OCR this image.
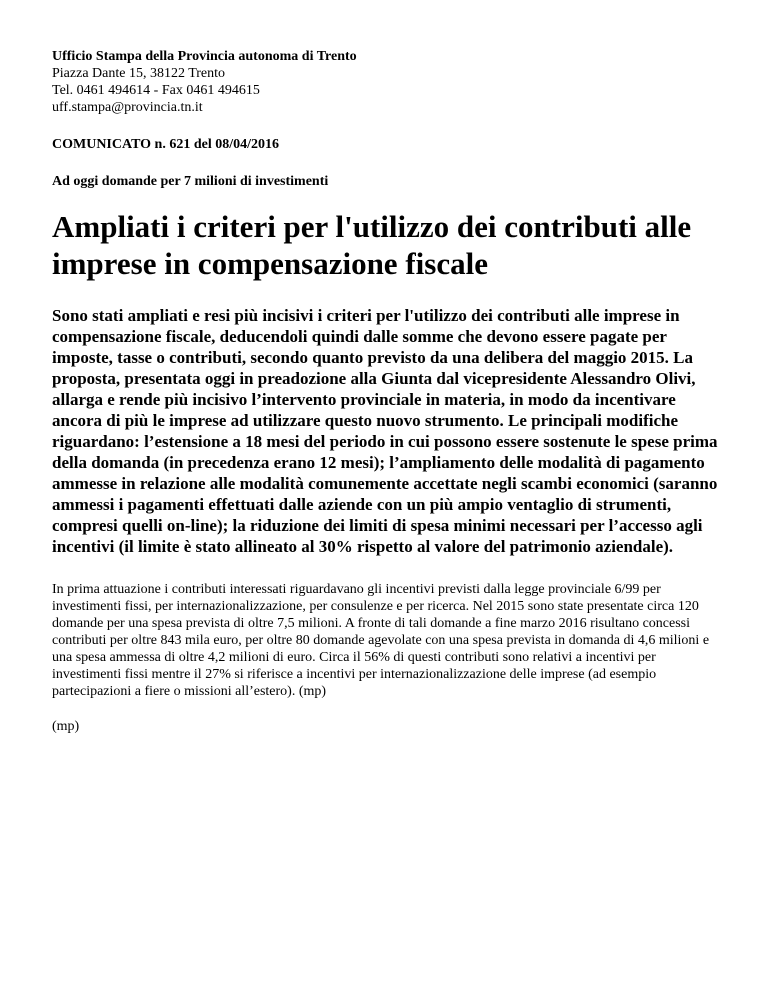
Ufficio Stampa della Provincia autonoma di Trento
Piazza Dante 15, 38122 Trento
Tel. 0461 494614 - Fax 0461 494615
uff.stampa@provincia.tn.it
COMUNICATO n. 621 del 08/04/2016
Ad oggi domande per 7 milioni di investimenti
Ampliati i criteri per l'utilizzo dei contributi alle imprese in compensazione fiscale
Sono stati ampliati e resi più incisivi i criteri per l'utilizzo dei contributi alle imprese in compensazione fiscale, deducendoli quindi dalle somme che devono essere pagate per imposte, tasse o contributi, secondo quanto previsto da una delibera del maggio 2015. La proposta, presentata oggi in preadozione alla Giunta dal vicepresidente Alessandro Olivi, allarga e rende più incisivo l’intervento provinciale in materia, in modo da incentivare ancora di più le imprese ad utilizzare questo nuovo strumento. Le principali modifiche riguardano: l’estensione a 18 mesi del periodo in cui possono essere sostenute le spese prima della domanda (in precedenza erano 12 mesi); l’ampliamento delle modalità di pagamento ammesse in relazione alle modalità comunemente accettate negli scambi economici (saranno ammessi i pagamenti effettuati dalle aziende con un più ampio ventaglio di strumenti, compresi quelli on-line); la riduzione dei limiti di spesa minimi necessari per l’accesso agli incentivi (il limite è stato allineato al 30% rispetto al valore del patrimonio aziendale).
In prima attuazione i contributi interessati riguardavano gli incentivi previsti dalla legge provinciale 6/99 per investimenti fissi, per internazionalizzazione, per consulenze e per ricerca. Nel 2015 sono state presentate circa 120 domande per una spesa prevista di oltre 7,5 milioni. A fronte di tali domande a fine marzo 2016 risultano concessi contributi per oltre 843 mila euro, per oltre 80 domande agevolate con una spesa prevista in domanda di 4,6 milioni e una spesa ammessa di oltre 4,2 milioni di euro. Circa il 56% di questi contributi sono relativi a incentivi per investimenti fissi mentre il 27% si riferisce a incentivi per internazionalizzazione delle imprese (ad esempio partecipazioni a fiere o missioni all’estero). (mp)
(mp)
